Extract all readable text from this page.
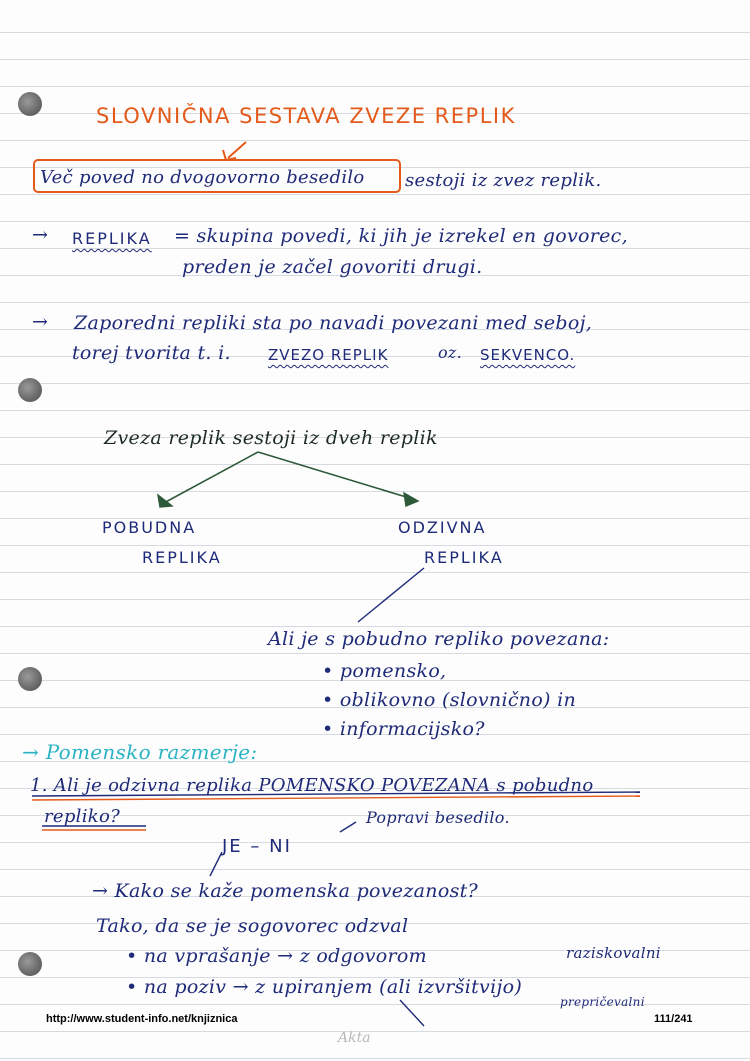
SLOVNIČNA SESTAVA ZVEZE REPLIK
Več poved no dvogovorno besedilo sestoji iz zvez replik.
→ REPLIKA = skupina povedi, ki jih je izrekel en govorec,
preden je začel govoriti drugi.
→ Zaporedni repliki sta po navadi povezani med seboj,
torej tvorita t. i. ZVEZO REPLIK	oz. SEKVENCO.
Zveza replik sestoji iz dveh replik
POBUDNA
REPLIKA
ODZIVNA
REPLIKA
Ali je s pobudno repliko povezana:
• pomensko,
• oblikovno (slovnično) in
• informacijsko?
→ Pomensko razmerje:
1. Ali je odzivna replika POMENSKO POVEZANA s pobudno
repliko?
JE – NI
Popravi besedilo.
→ Kako se kaže pomenska povezanost?
Tako, da se je sogovorec odzval
• na vprašanje → z odgovorom
• na poziv → z upiranjem (ali izvršitvijo)
raziskovalni
prepričevalni
http://www.student-info.net/knjiznica	111/241
Akta
